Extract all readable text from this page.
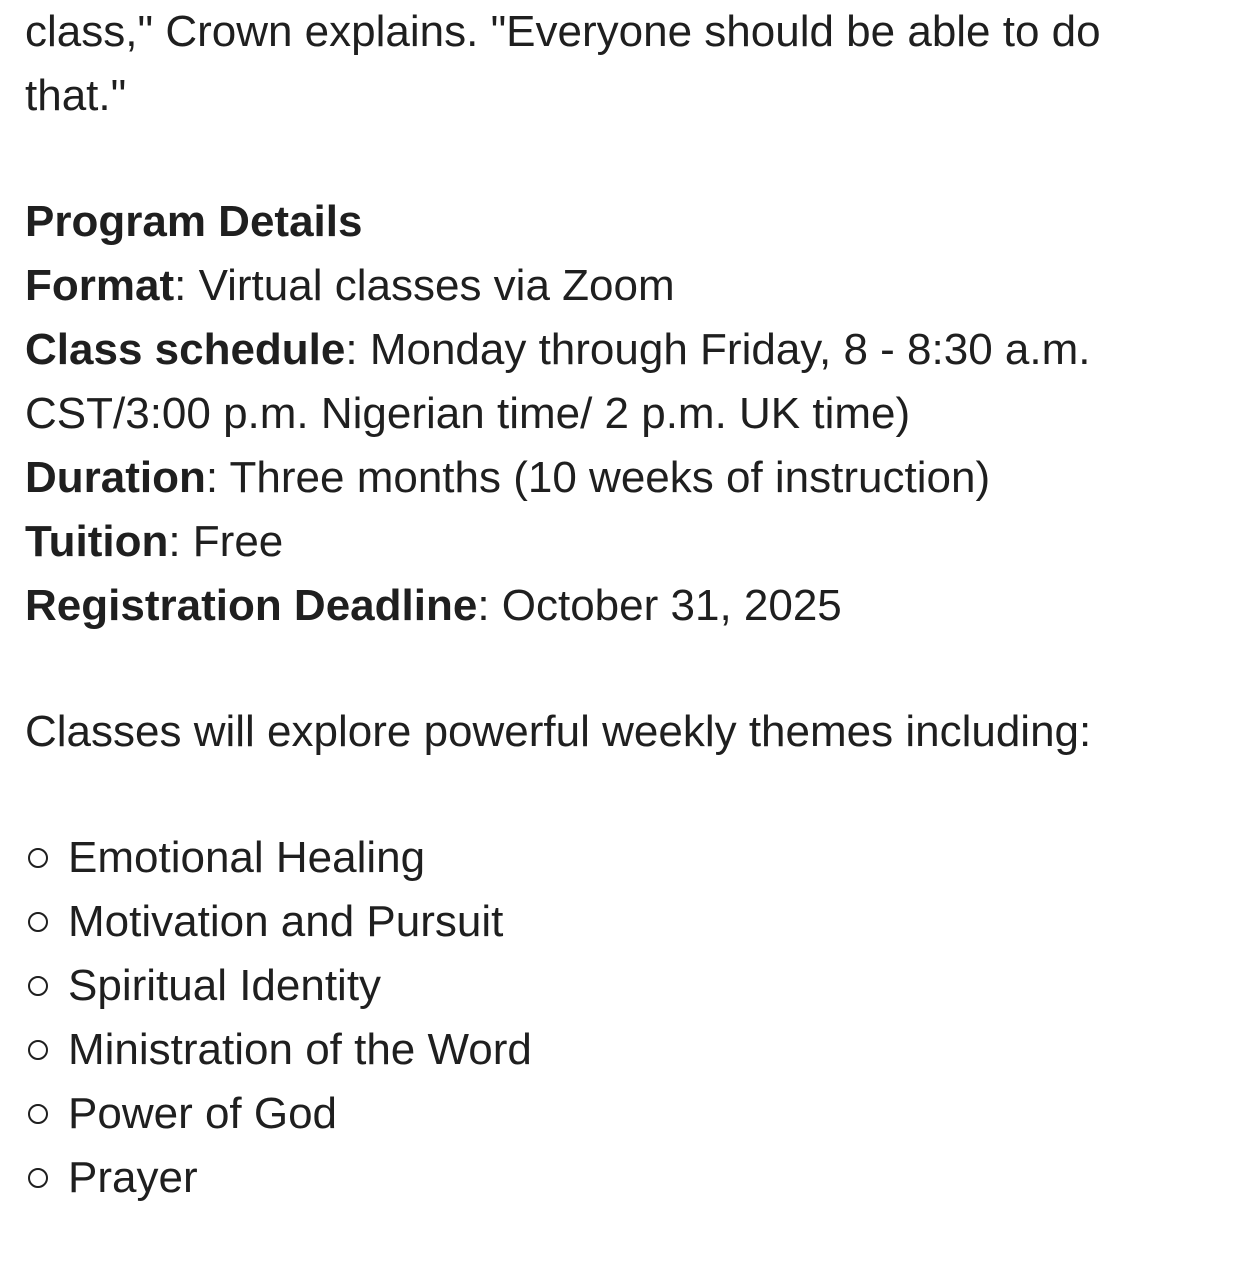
class," Crown explains. "Everyone should be able to do

that."

Program Details

Format: Virtual classes via Zoom

Class schedule: Monday through Friday, 8 - 8:30 a.m.

CST/3:00 p.m. Nigerian time/ 2 p.m. UK time)

Duration: Three months (10 weeks of instruction)

Tuition: Free

Registration Deadline: October 31, 2025

Classes will explore powerful weekly themes including:

Emotional Healing
Motivation and Pursuit
Spiritual Identity
Ministration of the Word
Power of God
Prayer
